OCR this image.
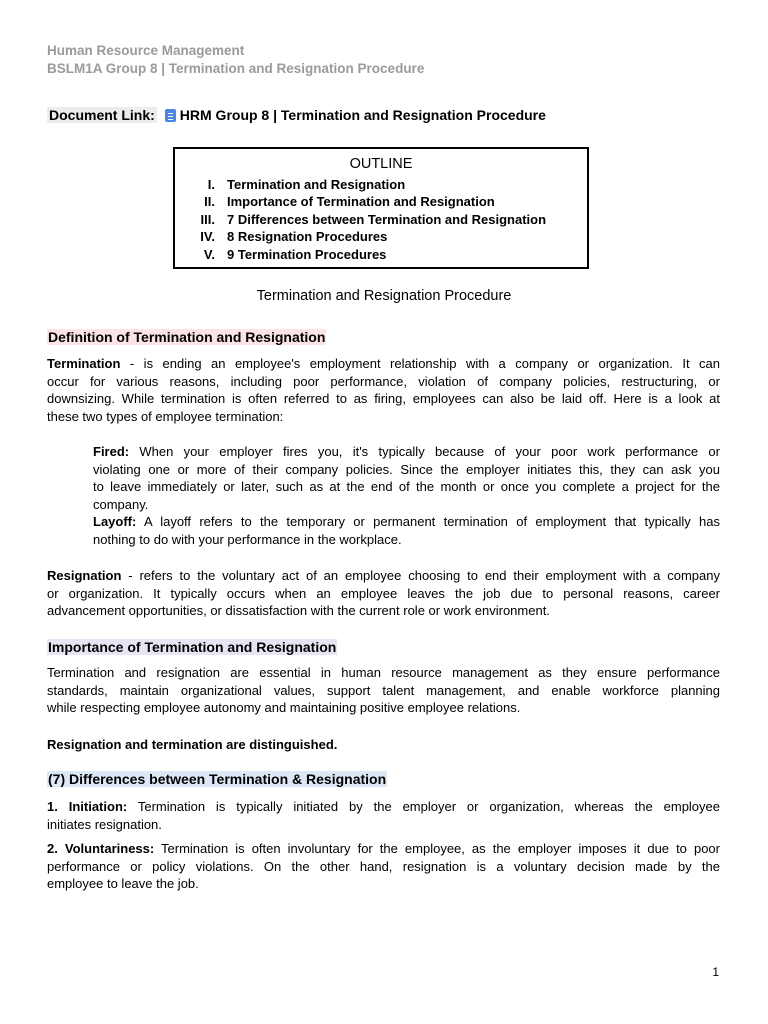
Human Resource Management
BSLM1A Group 8 | Termination and Resignation Procedure
Document Link: HRM Group 8 | Termination and Resignation Procedure
OUTLINE
I. Termination and Resignation
II. Importance of Termination and Resignation
III. 7 Differences between Termination and Resignation
IV. 8 Resignation Procedures
V. 9 Termination Procedures
Termination and Resignation Procedure
Definition of Termination and Resignation
Termination - is ending an employee's employment relationship with a company or organization. It can
occur for various reasons, including poor performance, violation of company policies, restructuring, or
downsizing. While termination is often referred to as firing, employees can also be laid off. Here is a look at
these two types of employee termination:
Fired: When your employer fires you, it's typically because of your poor work performance or
violating one or more of their company policies. Since the employer initiates this, they can ask you
to leave immediately or later, such as at the end of the month or once you complete a project for the
company.
Layoff: A layoff refers to the temporary or permanent termination of employment that typically has
nothing to do with your performance in the workplace.
Resignation - refers to the voluntary act of an employee choosing to end their employment with a company
or organization. It typically occurs when an employee leaves the job due to personal reasons, career
advancement opportunities, or dissatisfaction with the current role or work environment.
Importance of Termination and Resignation
Termination and resignation are essential in human resource management as they ensure performance
standards, maintain organizational values, support talent management, and enable workforce planning
while respecting employee autonomy and maintaining positive employee relations.
Resignation and termination are distinguished.
(7) Differences between Termination & Resignation
1. Initiation: Termination is typically initiated by the employer or organization, whereas the employee
initiates resignation.
2. Voluntariness: Termination is often involuntary for the employee, as the employer imposes it due to poor
performance or policy violations. On the other hand, resignation is a voluntary decision made by the
employee to leave the job.
1
